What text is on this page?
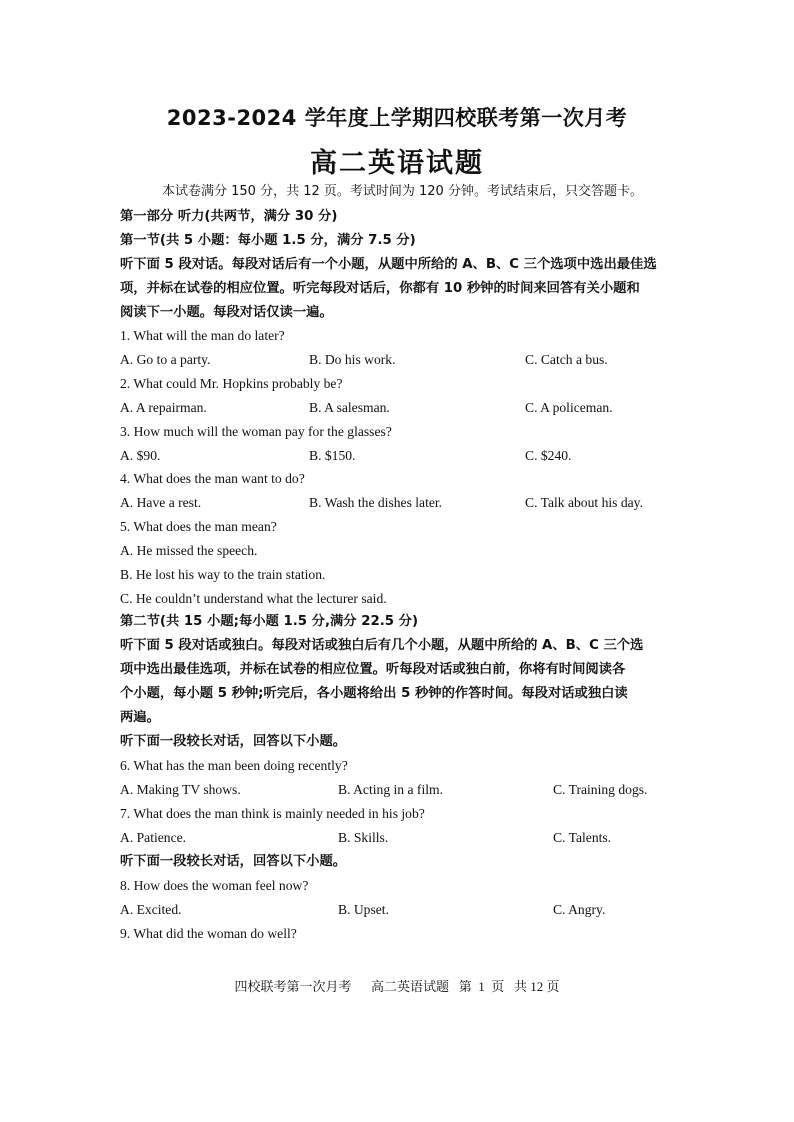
2023-2024 学年度上学期四校联考第一次月考
高二英语试题
本试卷满分 150 分，共 12 页。考试时间为 120 分钟。考试结束后，只交答题卡。
第一部分 听力(共两节，满分 30 分)
第一节(共 5 小题：每小题 1.5 分，满分 7.5 分)
听下面 5 段对话。每段对话后有一个小题，从题中所给的 A、B、C 三个选项中选出最佳选
项，并标在试卷的相应位置。听完每段对话后，你都有 10 秒钟的时间来回答有关小题和
阅读下一小题。每段对话仅读一遍。
1. What will the man do later?
A. Go to a party.	B. Do his work.	C. Catch a bus.
2. What could Mr. Hopkins probably be?
A. A repairman.	B. A salesman.	C. A policeman.
3. How much will the woman pay for the glasses?
A. $90.	B. $150.	C. $240.
4. What does the man want to do?
A. Have a rest.	B. Wash the dishes later.	C. Talk about his day.
5. What does the man mean?
A. He missed the speech.
B. He lost his way to the train station.
C. He couldn’t understand what the lecturer said.
第二节(共 15 小题;每小题 1.5 分,满分 22.5 分)
听下面 5 段对话或独白。每段对话或独白后有几个小题，从题中所给的 A、B、C 三个选
项中选出最佳选项，并标在试卷的相应位置。听每段对话或独白前，你将有时间阅读各
个小题，每小题 5 秒钟;听完后，各小题将给出 5 秒钟的作答时间。每段对话或独白读
两遍。
听下面一段较长对话，回答以下小题。
6. What has the man been doing recently?
A. Making TV shows.	B. Acting in a film.	C. Training dogs.
7. What does the man think is mainly needed in his job?
A. Patience.	B. Skills.	C. Talents.
听下面一段较长对话，回答以下小题。
8. How does the woman feel now?
A. Excited.	B. Upset.	C. Angry.
9. What did the woman do well?
四校联考第一次月考 高二英语试题 第  1  页 共 12 页
